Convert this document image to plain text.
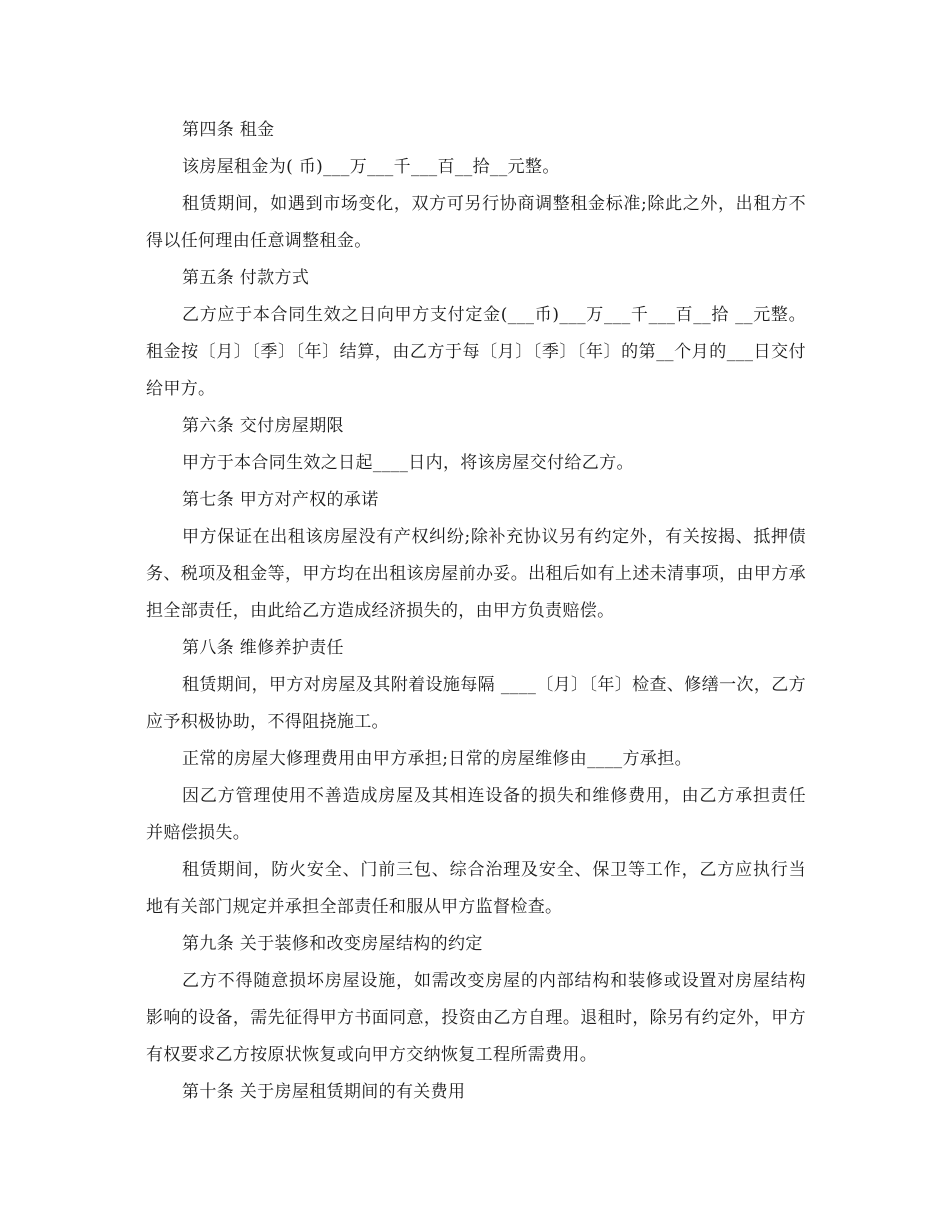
第四条 租金

该房屋租金为( 币)___万___千___百__拾__元整。

租赁期间，如遇到市场变化，双方可另行协商调整租金标准;除此之外，出租方不得以任何理由任意调整租金。

第五条 付款方式

乙方应于本合同生效之日向甲方支付定金(___币)___万___千___百__拾 __元整。租金按〔月〕〔季〕〔年〕结算，由乙方于每〔月〕〔季〕〔年〕的第__个月的___日交付给甲方。

第六条 交付房屋期限

甲方于本合同生效之日起____日内，将该房屋交付给乙方。

第七条 甲方对产权的承诺

甲方保证在出租该房屋没有产权纠纷;除补充协议另有约定外，有关按揭、抵押债务、税项及租金等，甲方均在出租该房屋前办妥。出租后如有上述未清事项，由甲方承担全部责任，由此给乙方造成经济损失的，由甲方负责赔偿。

第八条 维修养护责任

租赁期间，甲方对房屋及其附着设施每隔 ____〔月〕〔年〕检查、修缮一次，乙方应予积极协助，不得阻挠施工。

正常的房屋大修理费用由甲方承担;日常的房屋维修由____方承担。

因乙方管理使用不善造成房屋及其相连设备的损失和维修费用，由乙方承担责任并赔偿损失。

租赁期间，防火安全、门前三包、综合治理及安全、保卫等工作，乙方应执行当地有关部门规定并承担全部责任和服从甲方监督检查。

第九条 关于装修和改变房屋结构的约定

乙方不得随意损坏房屋设施，如需改变房屋的内部结构和装修或设置对房屋结构影响的设备，需先征得甲方书面同意，投资由乙方自理。退租时，除另有约定外，甲方有权要求乙方按原状恢复或向甲方交纳恢复工程所需费用。

第十条 关于房屋租赁期间的有关费用
